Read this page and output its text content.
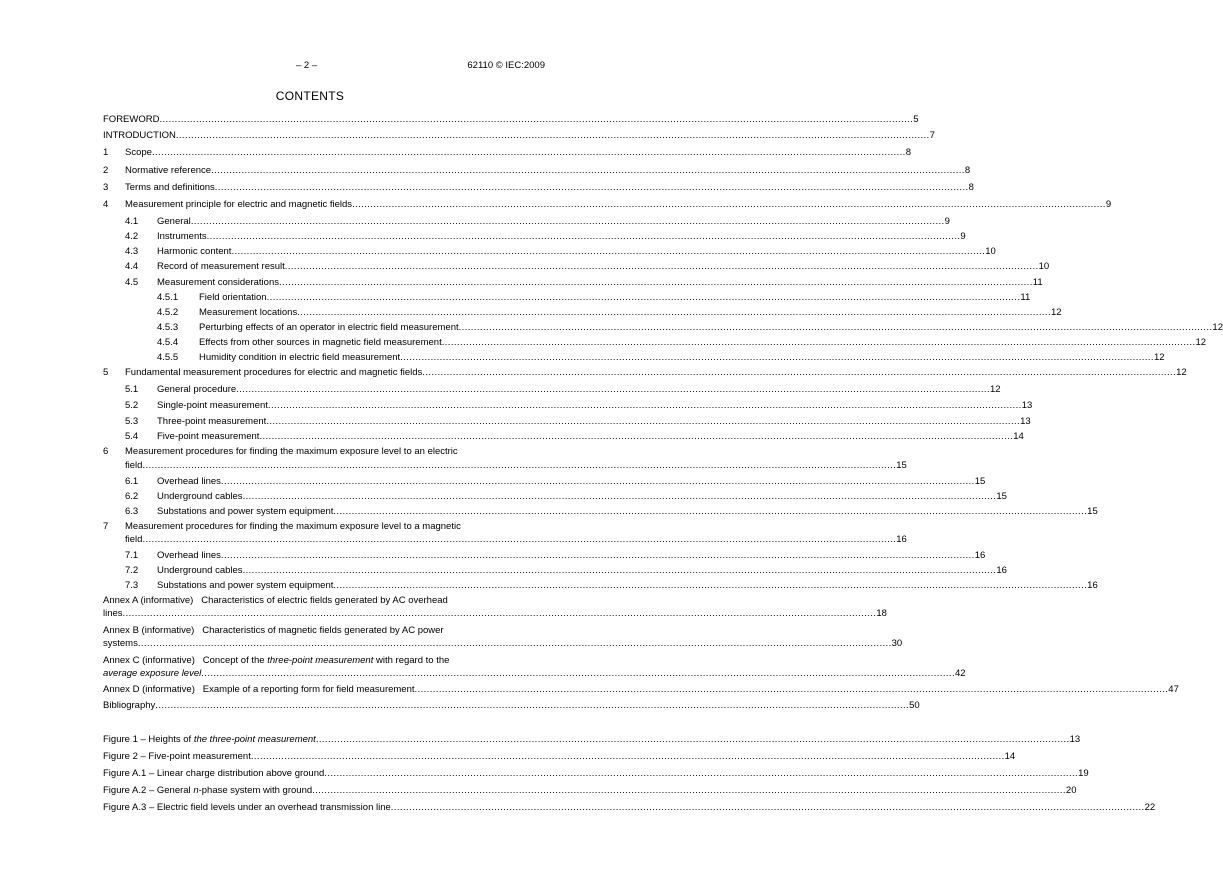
– 2 –	62110 © IEC:2009
CONTENTS
FOREWORD .....	5
INTRODUCTION .....	7
1	Scope .....	8
2	Normative reference .....	8
3	Terms and definitions .....	8
4	Measurement principle for electric and magnetic fields .....	9
4.1	General .....	9
4.2	Instruments .....	9
4.3	Harmonic content .....	10
4.4	Record of measurement result .....	10
4.5	Measurement considerations .....	11
4.5.1	Field orientation .....	11
4.5.2	Measurement locations .....	12
4.5.3	Perturbing effects of an operator in electric field measurement .....	12
4.5.4	Effects from other sources in magnetic field measurement .....	12
4.5.5	Humidity condition in electric field measurement .....	12
5	Fundamental measurement procedures for electric and magnetic fields .....	12
5.1	General procedure .....	12
5.2	Single-point measurement .....	13
5.3	Three-point measurement .....	13
5.4	Five-point measurement .....	14
6 Measurement procedures for finding the maximum exposure level to an electric
field .....	15
6.1	Overhead lines .....	15
6.2	Underground cables .....	15
6.3	Substations and power system equipment .....	15
7 Measurement procedures for finding the maximum exposure level to a magnetic
field .....	16
7.1	Overhead lines .....	16
7.2	Underground cables .....	16
7.3	Substations and power system equipment .....	16
Annex A (informative)   Characteristics of electric fields generated by AC overhead
lines .....	18
Annex B (informative)   Characteristics of magnetic fields generated by AC power
systems .....	30
Annex C (informative)   Concept of the three-point measurement with regard to the
average exposure level .....	42
Annex D (informative)   Example of a reporting form for field measurement .....	47
Bibliography .....	50
Figure 1 – Heights of the three-point measurement .....	13
Figure 2 – Five-point measurement .....	14
Figure A.1 – Linear charge distribution above ground .....	19
Figure A.2 – General n-phase system with ground .....	20
Figure A.3 – Electric field levels under an overhead transmission line .....	22
